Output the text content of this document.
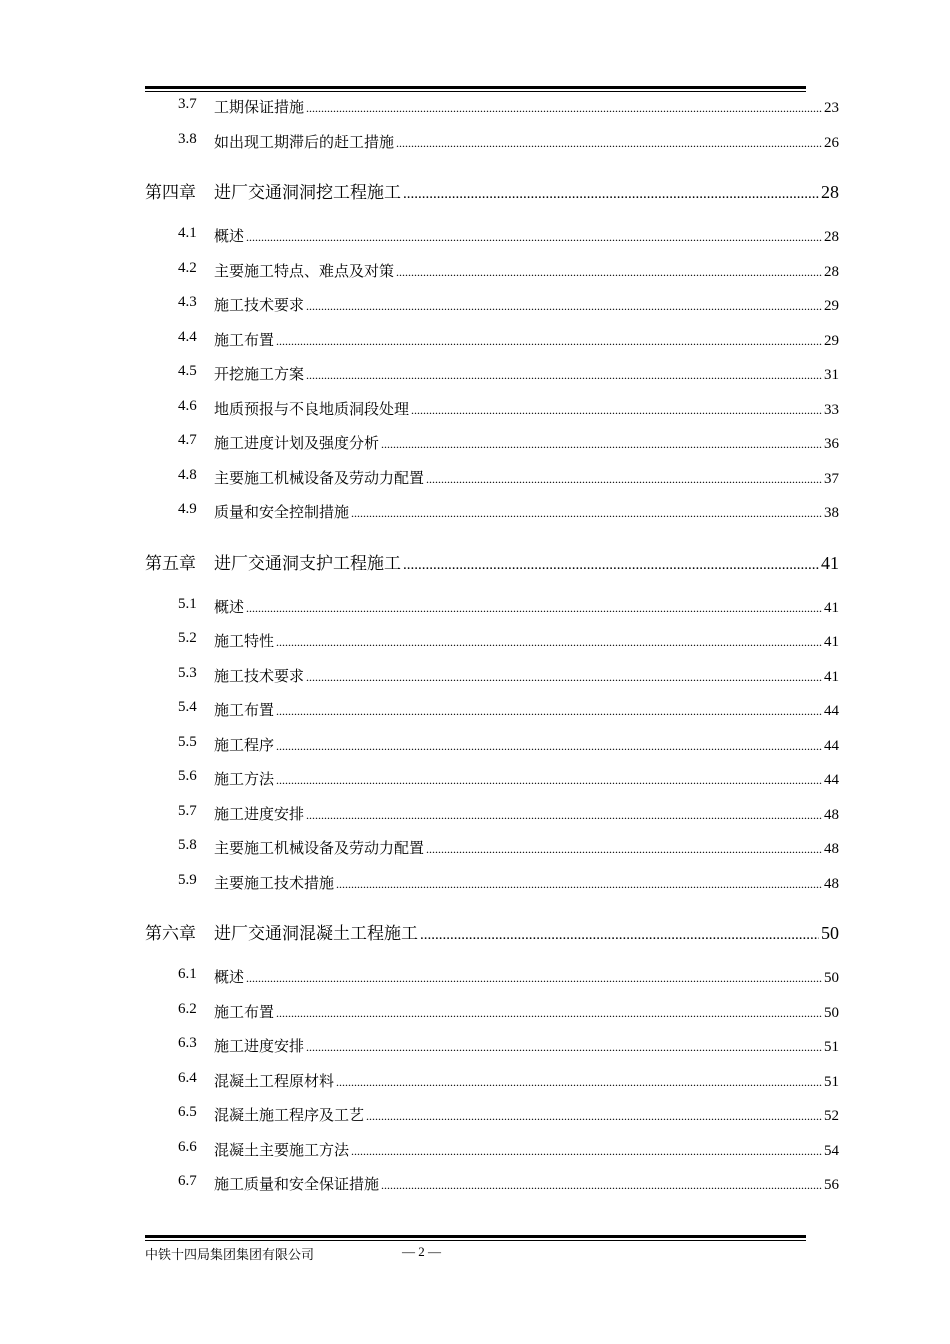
3.7 工期保证措施 .....	23
3.8 如出现工期滞后的赶工措施 .....	26
第四章 进厂交通洞洞挖工程施工 .....	28
4.1 概述 .....	28
4.2 主要施工特点、难点及对策 .....	28
4.3 施工技术要求 .....	29
4.4 施工布置 .....	29
4.5 开挖施工方案 .....	31
4.6 地质预报与不良地质洞段处理 .....	33
4.7 施工进度计划及强度分析 .....	36
4.8 主要施工机械设备及劳动力配置 .....	37
4.9 质量和安全控制措施 .....	38
第五章 进厂交通洞支护工程施工 .....	41
5.1 概述 .....	41
5.2 施工特性 .....	41
5.3 施工技术要求 .....	41
5.4 施工布置 .....	44
5.5 施工程序 .....	44
5.6 施工方法 .....	44
5.7 施工进度安排 .....	48
5.8 主要施工机械设备及劳动力配置 .....	48
5.9 主要施工技术措施 .....	48
第六章 进厂交通洞混凝土工程施工 .....	50
6.1 概述 .....	50
6.2 施工布置 .....	50
6.3 施工进度安排 .....	51
6.4 混凝土工程原材料 .....	51
6.5 混凝土施工程序及工艺 .....	52
6.6 混凝土主要施工方法 .....	54
6.7 施工质量和安全保证措施 .....	56
中铁十四局集团集团有限公司	— 2 —
